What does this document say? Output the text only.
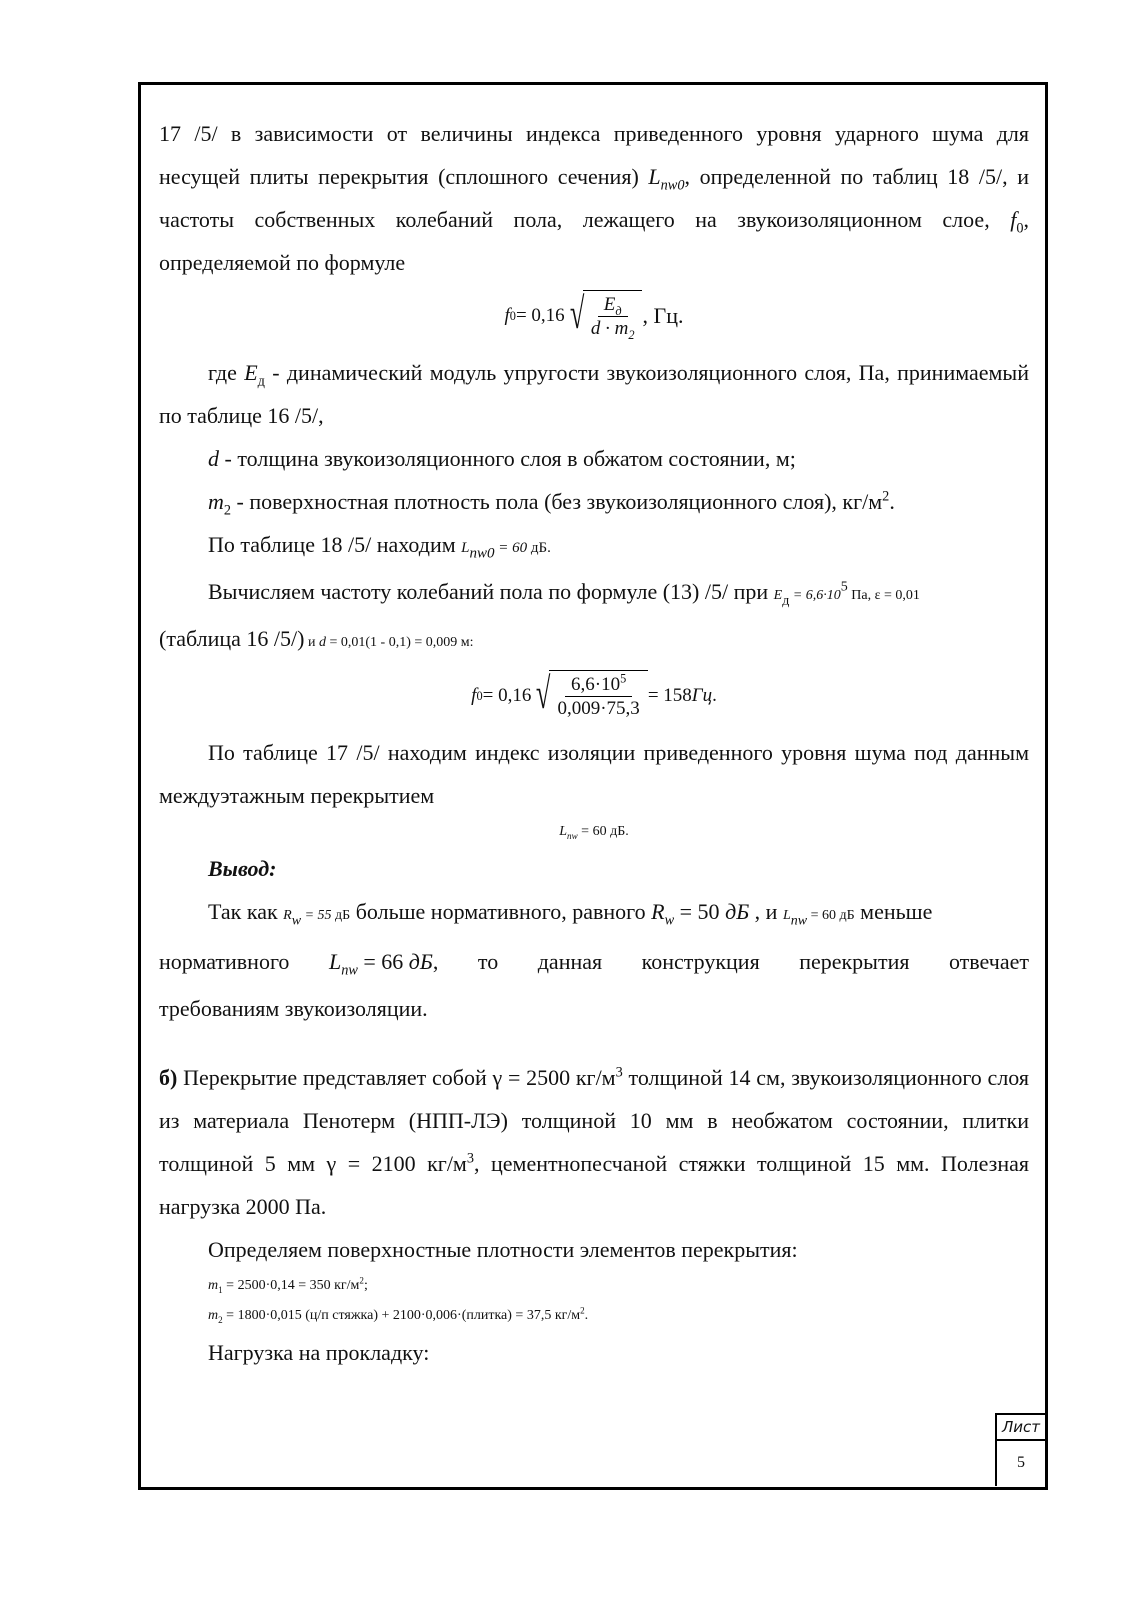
17 /5/ в зависимости от величины индекса приведенного уровня ударного шума для несущей плиты перекрытия (сплошного сечения) $L_{nw0}$, определенной по таблиц 18 /5/, и частоты собственных колебаний пола, лежащего на звукоизоляционном слое, $f_0$, определяемой по формуле

f 0 = 0,16 √ $\frac{E_д}{d \cdot m_2}$ , Гц.

где $E_д$ - динамический модуль упругости звукоизоляционного слоя, Па, принимаемый по таблице 16 /5/,

d - толщина звукоизоляционного слоя в обжатом состоянии, м;

$m_2$ - поверхностная плотность пола (без звукоизоляционного слоя), $кг/м^2$.

По таблице 18 /5/ находим $L_{nw0} = 60$ дБ.

Вычисляем частоту колебаний пола по формуле (13) /5/ при $E_д = 6,6\cdot 10^5$ Па, ε = 0,01

(таблица 16 /5/) и d = 0,01(1 - 0,1) = 0,009 м:

f 0 = 0,16 √ $\frac{6,6\cdot 10^5}{0,009\cdot 75,3} = 158$ Гц .

По таблице 17 /5/ находим индекс изоляции приведенного уровня шума под данным междуэтажным перекрытием

$L_{nw} = 60$ дБ.

Вывод:

Так как $R_w = 55$ дБ больше нормативного, равного $R_w = 50$ дБ , и $L_{nw} = 60$ дБ меньше

нормативного $L_{nw} = 66$ дБ, то данная конструкция перекрытия отвечает

требованиям звукоизоляции.

б) Перекрытие представляет собой γ = 2500 $кг/м^3$ толщиной 14 см, звукоизоляционного слоя из материала Пенотерм (НПП-ЛЭ) толщиной 10 мм в необжатом состоянии, плитки толщиной 5 мм γ = 2100 $кг/м^3$, цементнопесчаной стяжки толщиной 15 мм. Полезная нагрузка 2000 Па.

Определяем поверхностные плотности элементов перекрытия:

$m_1 = 2500\cdot 0,14 = 350$ $кг/м^2$;

$m_2 = 1800\cdot 0,015$ (ц/п стяжка) + 2100·0,006·(плитка) = 37,5 $кг/м^2$.

Нагрузка на прокладку:

Лист
5
